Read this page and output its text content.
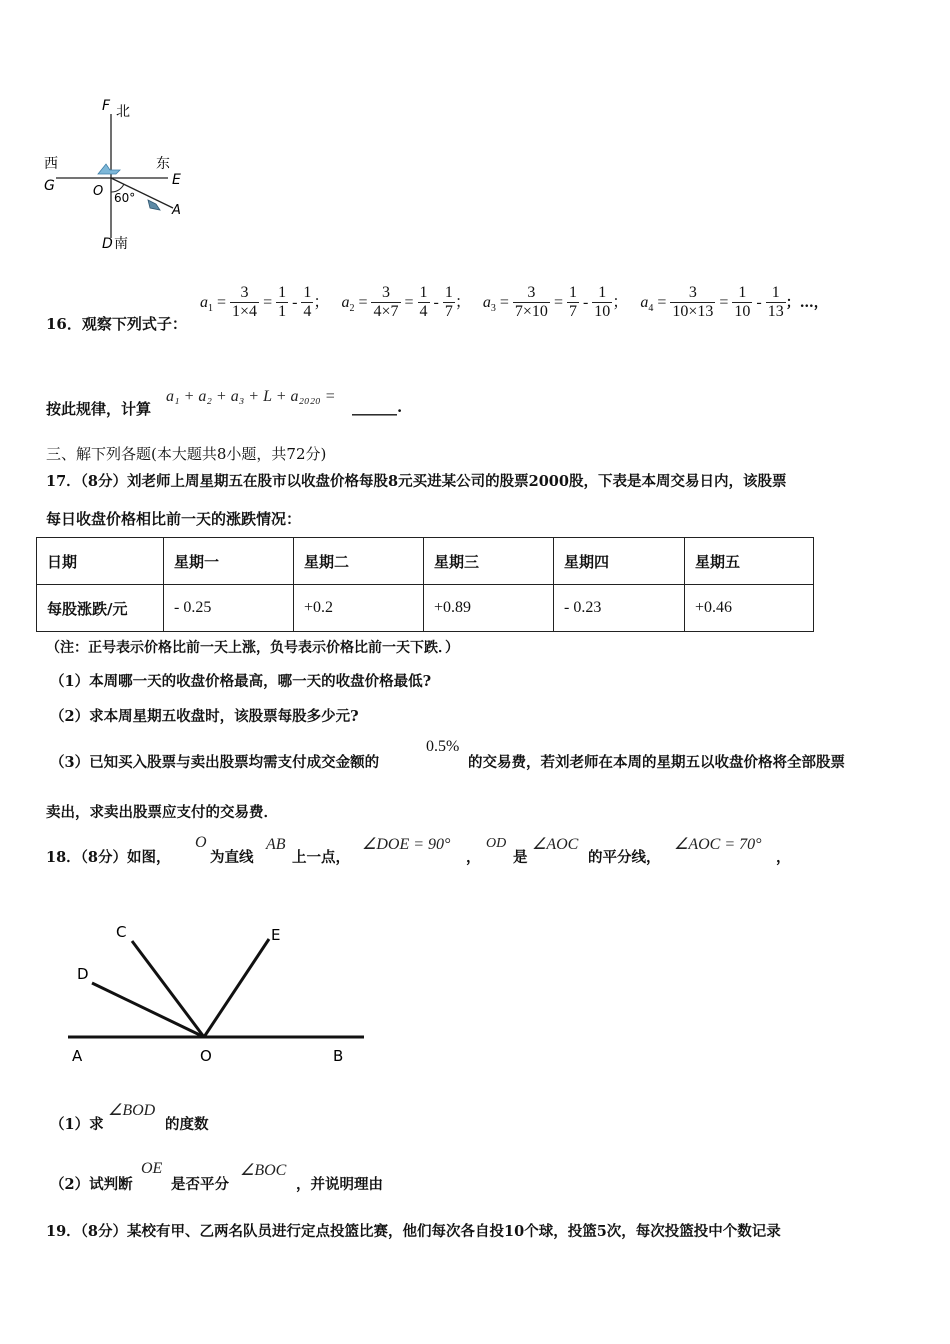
F 北
西
G
东
E
O 60°
A
D 南
16．观察下列式子：
$a_1 = \frac{3}{1\times 4} = \frac{1}{1} - \frac{1}{4}$ ；   $a_2 = \frac{3}{4\times 7} = \frac{1}{4} - \frac{1}{7}$ ；   $a_3 = \frac{3}{7\times 10} = \frac{1}{7} - \frac{1}{10}$ ；   $a_4 = \frac{3}{10\times 13} = \frac{1}{10} - \frac{1}{13}$ ；…，
按此规律，计算
a₁ + a₂ + a₃ + L + a₂₀₂₀ =
______.
三、解下列各题(本大题共8小题，共72分)
17．（8分）刘老师上周星期五在股市以收盘价格每股8元买进某公司的股票2000股，下表是本周交易日内，该股票
每日收盘价格相比前一天的涨跌情况：
日期	星期一	星期二	星期三	星期四	星期五
每股涨跌/元	- 0.25	+0.2	+0.89	- 0.23	+0.46
（注：正号表示价格比前一天上涨，负号表示价格比前一天下跌．）
（1）本周哪一天的收盘价格最高，哪一天的收盘价格最低?
（2）求本周星期五收盘时，该股票每股多少元?
（3）已知买入股票与卖出股票均需支付成交金额的
0.5%
的交易费，若刘老师在本周的星期五以收盘价格将全部股票
卖出，求卖出股票应支付的交易费．
18．（8分）如图，
O
为直线
AB
上一点，
∠DOE = 90°
，
OD
是
∠AOC
的平分线，
∠AOC = 70°
，
C	E
D
A	O	B
（1）求
∠BOD
的度数
（2）试判断
OE
是否平分
∠BOC
，并说明理由
19．（8分）某校有甲、乙两名队员进行定点投篮比赛，他们每次各自投10个球，投篮5次，每次投篮投中个数记录
